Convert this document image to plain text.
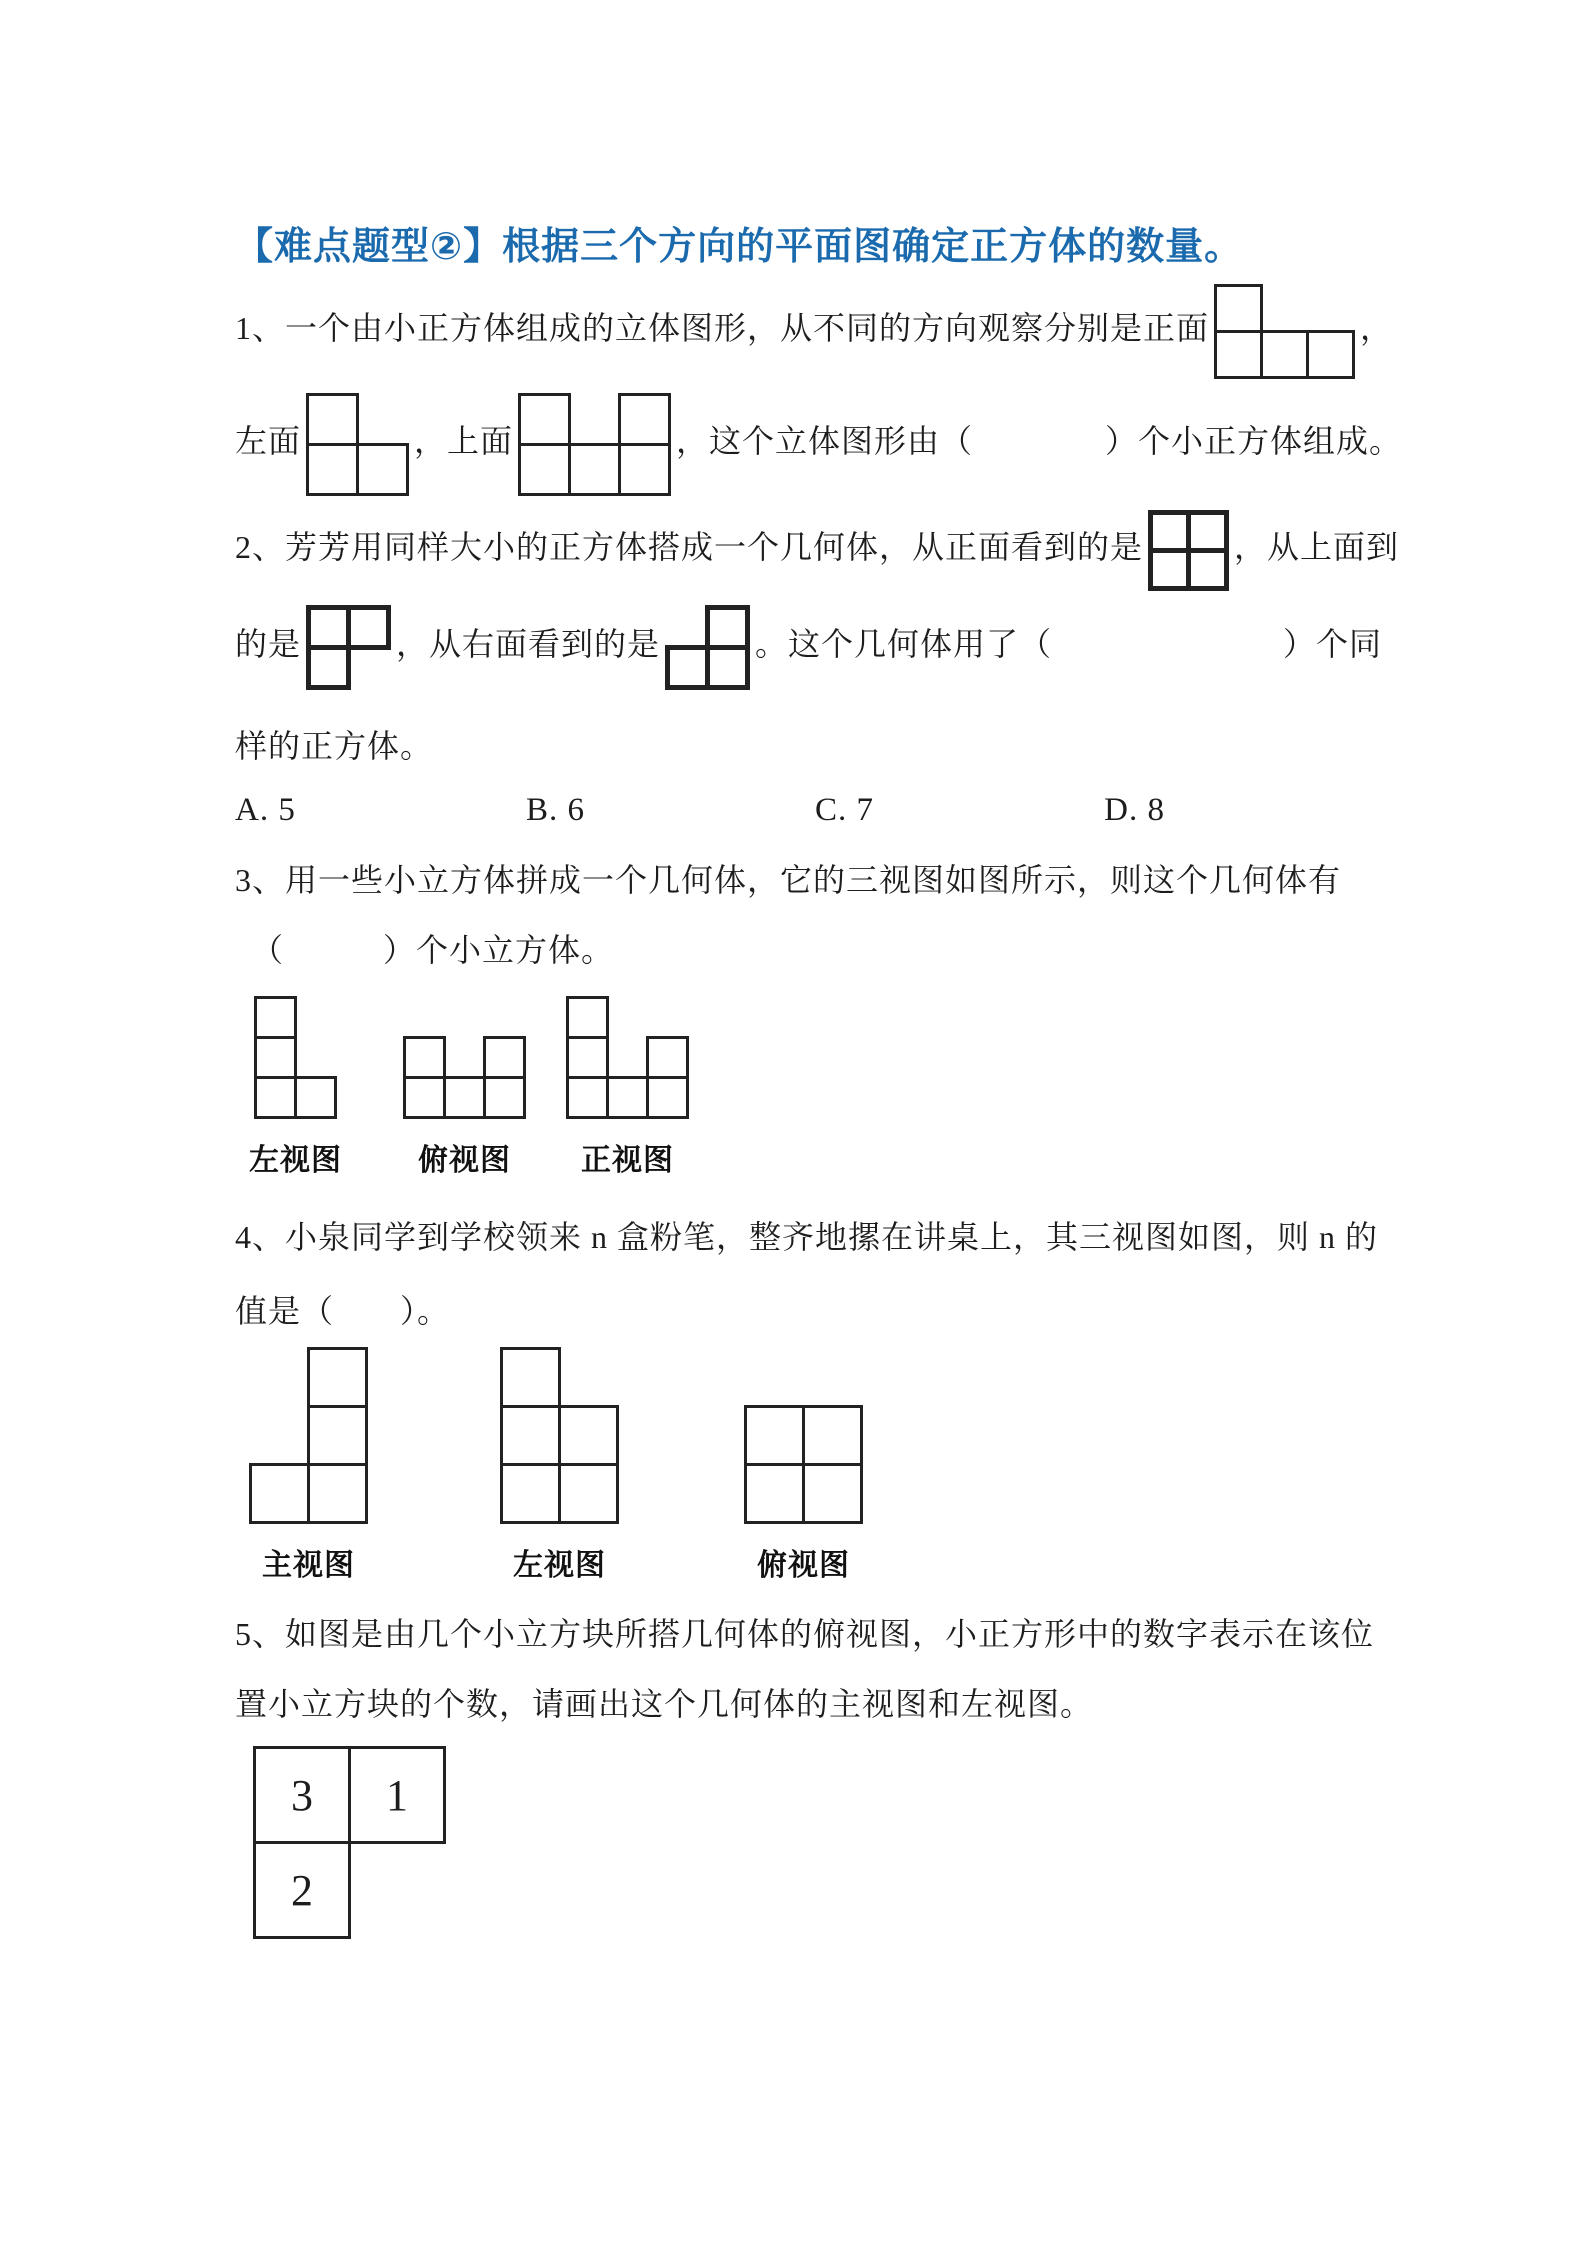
【难点题型②】根据三个方向的平面图确定正方体的数量。

1、一个由小正方体组成的立体图形，从不同的方向观察分别是正面	，

左面	，上面	，这个立体图形由（　　　　）个小正方体组成。

2、芳芳用同样大小的正方体搭成一个几何体，从正面看到的是	，从上面到

的是	，从右面看到的是	。这个几何体用了（　　　　　　　）个同

样的正方体。

A. 5	B. 6	C. 7	D. 8

3、用一些小立方体拼成一个几何体，它的三视图如图所示，则这个几何体有

（　　　）个小立方体。

左视图	俯视图 正视图

4、小泉同学到学校领来 n 盒粉笔，整齐地摞在讲桌上，其三视图如图，则 n 的

值是（　　）。

主视图	左视图	俯视图

5、如图是由几个小立方块所搭几何体的俯视图，小正方形中的数字表示在该位

置小立方块的个数，请画出这个几何体的主视图和左视图。

3	1
2
